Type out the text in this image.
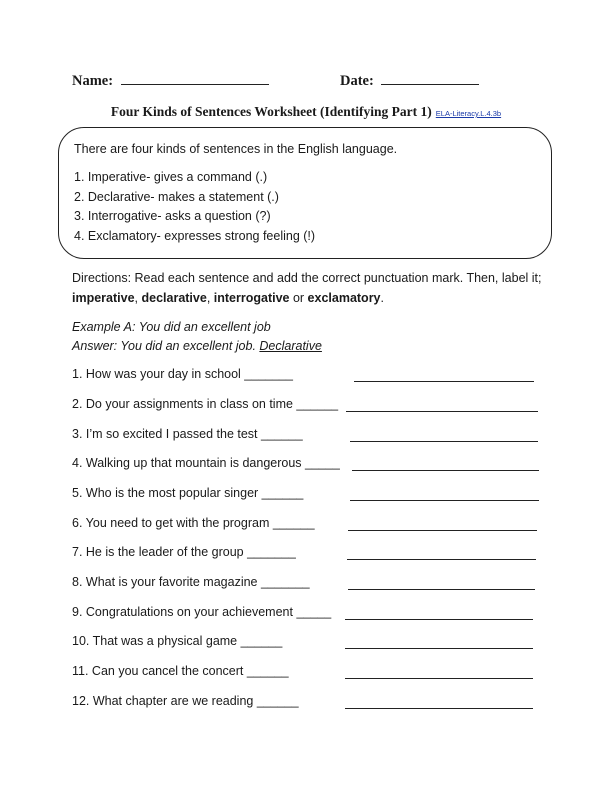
Name:	Date:
Four Kinds of Sentences Worksheet (Identifying Part 1) ELA-Literacy.L.4.3b

There are four kinds of sentences in the English language.

1. Imperative- gives a command (.)
2. Declarative- makes a statement (.)
3. Interrogative- asks a question (?)
4. Exclamatory- expresses strong feeling (!)
Directions: Read each sentence and add the correct punctuation mark. Then, label it; imperative, declarative, interrogative or exclamatory.
Example A: You did an excellent job
Answer: You did an excellent job. Declarative
1. How was your day in school _______
2. Do your assignments in class on time ______
3. I’m so excited I passed the test ______
4. Walking up that mountain is dangerous _____
5. Who is the most popular singer ______
6. You need to get with the program ______
7. He is the leader of the group _______
8. What is your favorite magazine _______
9. Congratulations on your achievement _____
10. That was a physical game ______
11. Can you cancel the concert ______
12. What chapter are we reading ______
